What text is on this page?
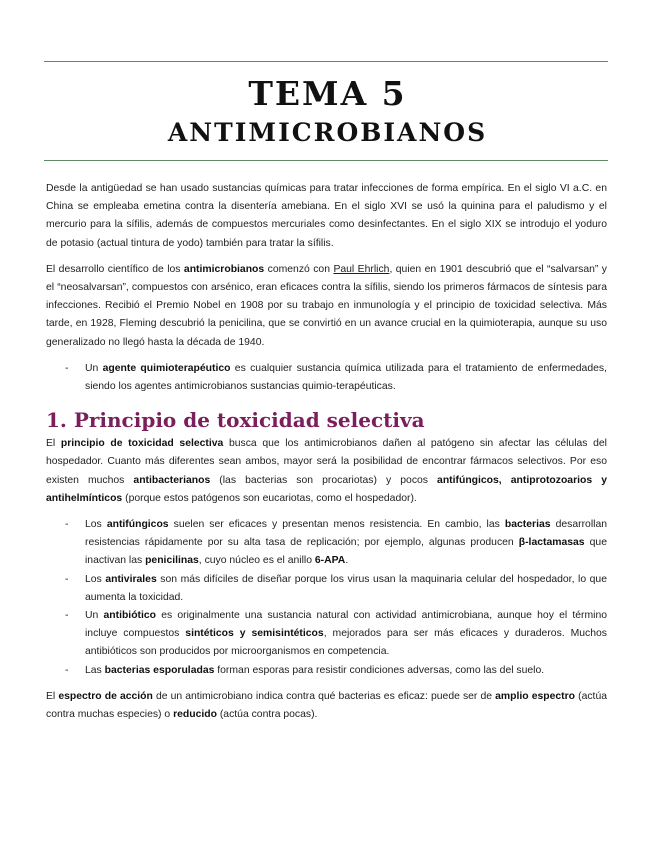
TEMA 5
ANTIMICROBIANOS

Desde la antigüedad se han usado sustancias químicas para tratar infecciones de forma empírica. En el siglo VI a.C. en China se empleaba emetina contra la disentería amebiana. En el siglo XVI se usó la quinina para el paludismo y el mercurio para la sífilis, además de compuestos mercuriales como desinfectantes. En el siglo XIX se introdujo el yoduro de potasio (actual tintura de yodo) también para tratar la sífilis.

El desarrollo científico de los antimicrobianos comenzó con Paul Ehrlich, quien en 1901 descubrió que el “salvarsan” y el “neosalvarsan”, compuestos con arsénico, eran eficaces contra la sífilis, siendo los primeros fármacos de síntesis para infecciones. Recibió el Premio Nobel en 1908 por su trabajo en inmunología y el principio de toxicidad selectiva. Más tarde, en 1928, Fleming descubrió la penicilina, que se convirtió en un avance crucial en la quimioterapia, aunque su uso generalizado no llegó hasta la década de 1940.

- Un agente quimioterapéutico es cualquier sustancia química utilizada para el tratamiento de enfermedades, siendo los agentes antimicrobianos sustancias quimio-terapéuticas.
1. Principio de toxicidad selectiva

El principio de toxicidad selectiva busca que los antimicrobianos dañen al patógeno sin afectar las células del hospedador. Cuanto más diferentes sean ambos, mayor será la posibilidad de encontrar fármacos selectivos. Por eso existen muchos antibacterianos (las bacterias son procariotas) y pocos antifúngicos, antiprotozoarios y antihelmínticos (porque estos patógenos son eucariotas, como el hospedador).

- Los antifúngicos suelen ser eficaces y presentan menos resistencia. En cambio, las bacterias desarrollan resistencias rápidamente por su alta tasa de replicación; por ejemplo, algunas producen β-lactamasas que inactivan las penicilinas, cuyo núcleo es el anillo 6-APA.
- Los antivirales son más difíciles de diseñar porque los virus usan la maquinaria celular del hospedador, lo que aumenta la toxicidad.
- Un antibiótico es originalmente una sustancia natural con actividad antimicrobiana, aunque hoy el término incluye compuestos sintéticos y semisintéticos, mejorados para ser más eficaces y duraderos. Muchos antibióticos son producidos por microorganismos en competencia.
- Las bacterias esporuladas forman esporas para resistir condiciones adversas, como las del suelo.

El espectro de acción de un antimicrobiano indica contra qué bacterias es eficaz: puede ser de amplio espectro (actúa contra muchas especies) o reducido (actúa contra pocas).
